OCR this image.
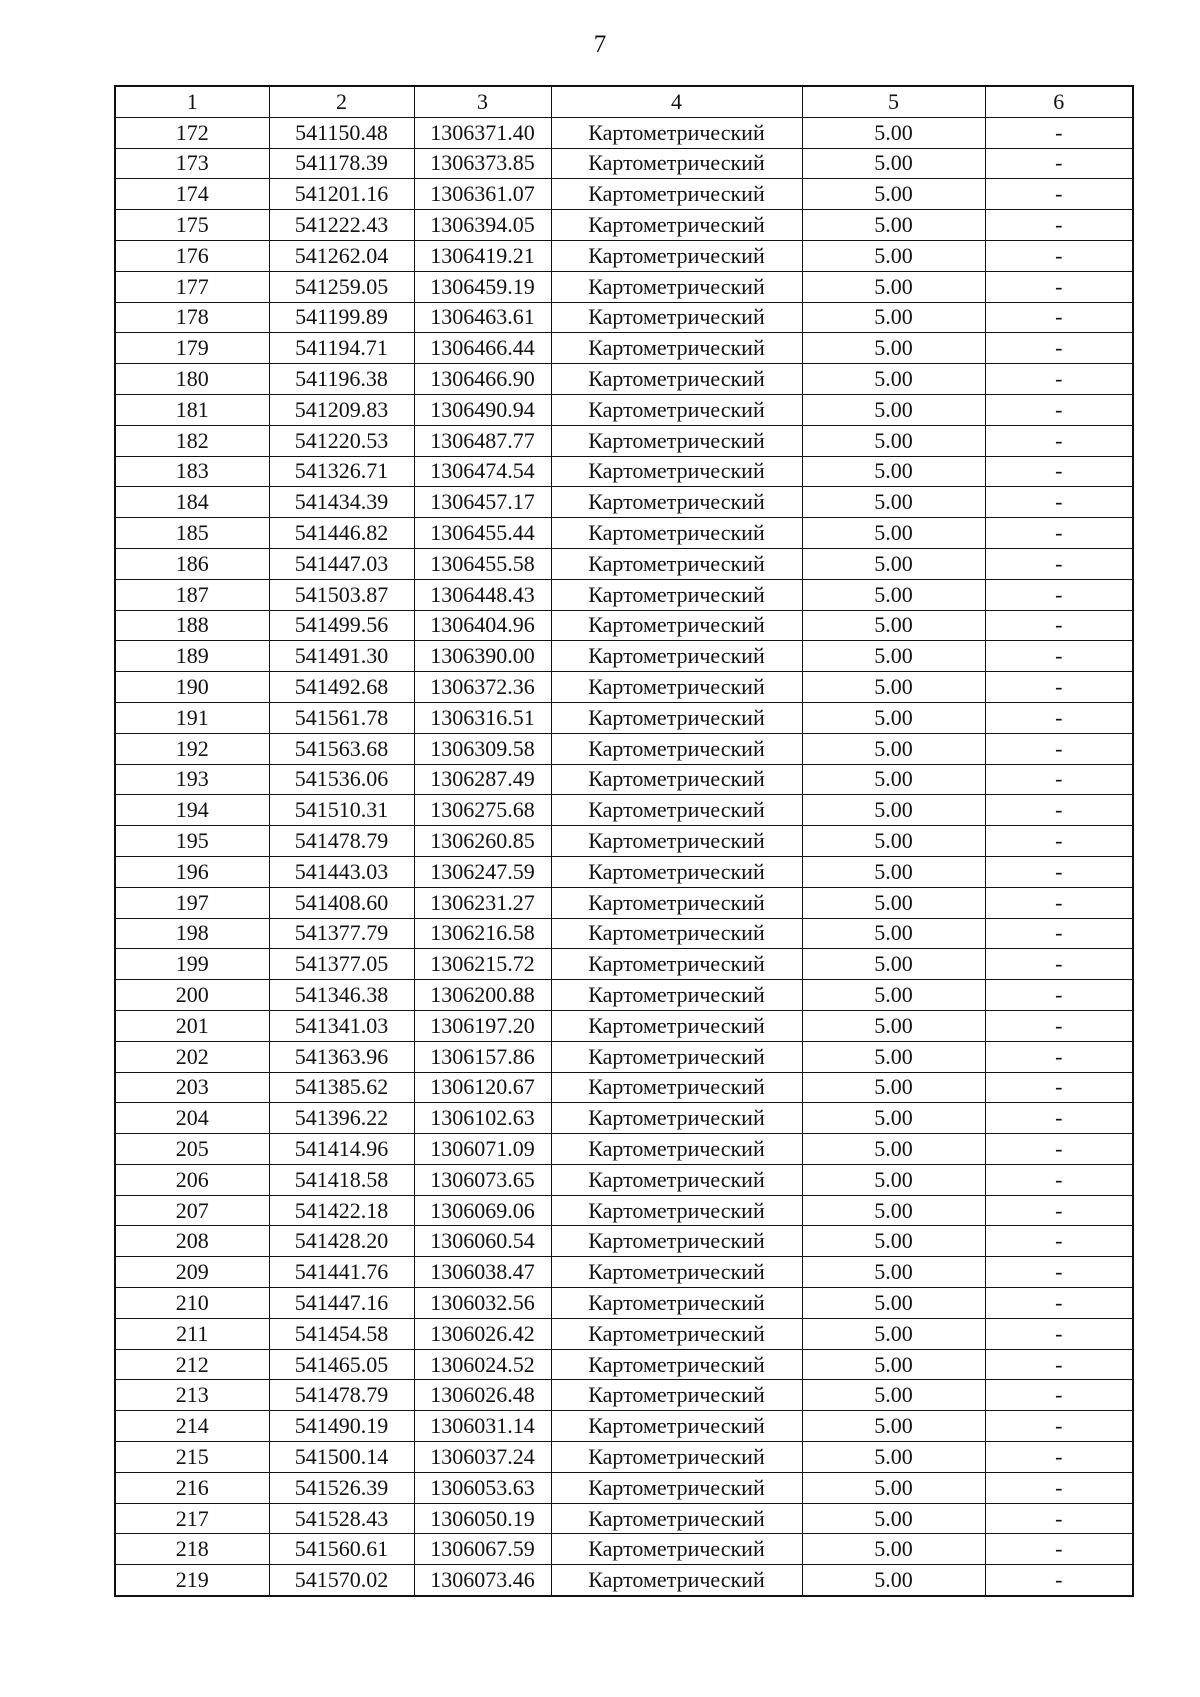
7
1	2	3	4	5	6
172	541150.48	1306371.40	Картометрический	5.00	-
173	541178.39	1306373.85	Картометрический	5.00	-
174	541201.16	1306361.07	Картометрический	5.00	-
175	541222.43	1306394.05	Картометрический	5.00	-
176	541262.04	1306419.21	Картометрический	5.00	-
177	541259.05	1306459.19	Картометрический	5.00	-
178	541199.89	1306463.61	Картометрический	5.00	-
179	541194.71	1306466.44	Картометрический	5.00	-
180	541196.38	1306466.90	Картометрический	5.00	-
181	541209.83	1306490.94	Картометрический	5.00	-
182	541220.53	1306487.77	Картометрический	5.00	-
183	541326.71	1306474.54	Картометрический	5.00	-
184	541434.39	1306457.17	Картометрический	5.00	-
185	541446.82	1306455.44	Картометрический	5.00	-
186	541447.03	1306455.58	Картометрический	5.00	-
187	541503.87	1306448.43	Картометрический	5.00	-
188	541499.56	1306404.96	Картометрический	5.00	-
189	541491.30	1306390.00	Картометрический	5.00	-
190	541492.68	1306372.36	Картометрический	5.00	-
191	541561.78	1306316.51	Картометрический	5.00	-
192	541563.68	1306309.58	Картометрический	5.00	-
193	541536.06	1306287.49	Картометрический	5.00	-
194	541510.31	1306275.68	Картометрический	5.00	-
195	541478.79	1306260.85	Картометрический	5.00	-
196	541443.03	1306247.59	Картометрический	5.00	-
197	541408.60	1306231.27	Картометрический	5.00	-
198	541377.79	1306216.58	Картометрический	5.00	-
199	541377.05	1306215.72	Картометрический	5.00	-
200	541346.38	1306200.88	Картометрический	5.00	-
201	541341.03	1306197.20	Картометрический	5.00	-
202	541363.96	1306157.86	Картометрический	5.00	-
203	541385.62	1306120.67	Картометрический	5.00	-
204	541396.22	1306102.63	Картометрический	5.00	-
205	541414.96	1306071.09	Картометрический	5.00	-
206	541418.58	1306073.65	Картометрический	5.00	-
207	541422.18	1306069.06	Картометрический	5.00	-
208	541428.20	1306060.54	Картометрический	5.00	-
209	541441.76	1306038.47	Картометрический	5.00	-
210	541447.16	1306032.56	Картометрический	5.00	-
211	541454.58	1306026.42	Картометрический	5.00	-
212	541465.05	1306024.52	Картометрический	5.00	-
213	541478.79	1306026.48	Картометрический	5.00	-
214	541490.19	1306031.14	Картометрический	5.00	-
215	541500.14	1306037.24	Картометрический	5.00	-
216	541526.39	1306053.63	Картометрический	5.00	-
217	541528.43	1306050.19	Картометрический	5.00	-
218	541560.61	1306067.59	Картометрический	5.00	-
219	541570.02	1306073.46	Картометрический	5.00	-
